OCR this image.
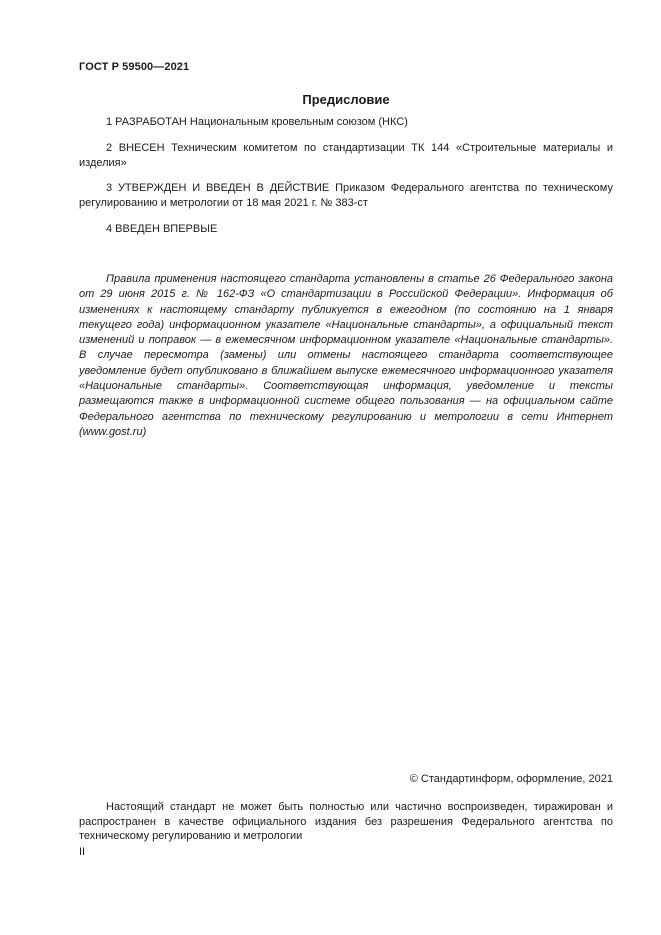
ГОСТ Р 59500—2021
Предисловие
1 РАЗРАБОТАН Национальным кровельным союзом (НКС)
2 ВНЕСЕН Техническим комитетом по стандартизации ТК 144 «Строительные материалы и изделия»
3 УТВЕРЖДЕН И ВВЕДЕН В ДЕЙСТВИЕ Приказом Федерального агентства по техническому регулированию и метрологии от 18 мая 2021 г. № 383-ст
4 ВВЕДЕН ВПЕРВЫЕ
Правила применения настоящего стандарта установлены в статье 26 Федерального закона от 29 июня 2015 г. № 162-ФЗ «О стандартизации в Российской Федерации». Информация об изменениях к настоящему стандарту публикуется в ежегодном (по состоянию на 1 января текущего года) информационном указателе «Национальные стандарты», а официальный текст изменений и поправок — в ежемесячном информационном указателе «Национальные стандарты». В случае пересмотра (замены) или отмены настоящего стандарта соответствующее уведомление будет опубликовано в ближайшем выпуске ежемесячного информационного указателя «Национальные стандарты». Соответствующая информация, уведомление и тексты размещаются также в информационной системе общего пользования — на официальном сайте Федерального агентства по техническому регулированию и метрологии в сети Интернет (www.gost.ru)
© Стандартинформ, оформление, 2021
Настоящий стандарт не может быть полностью или частично воспроизведен, тиражирован и распространен в качестве официального издания без разрешения Федерального агентства по техническому регулированию и метрологии
II
